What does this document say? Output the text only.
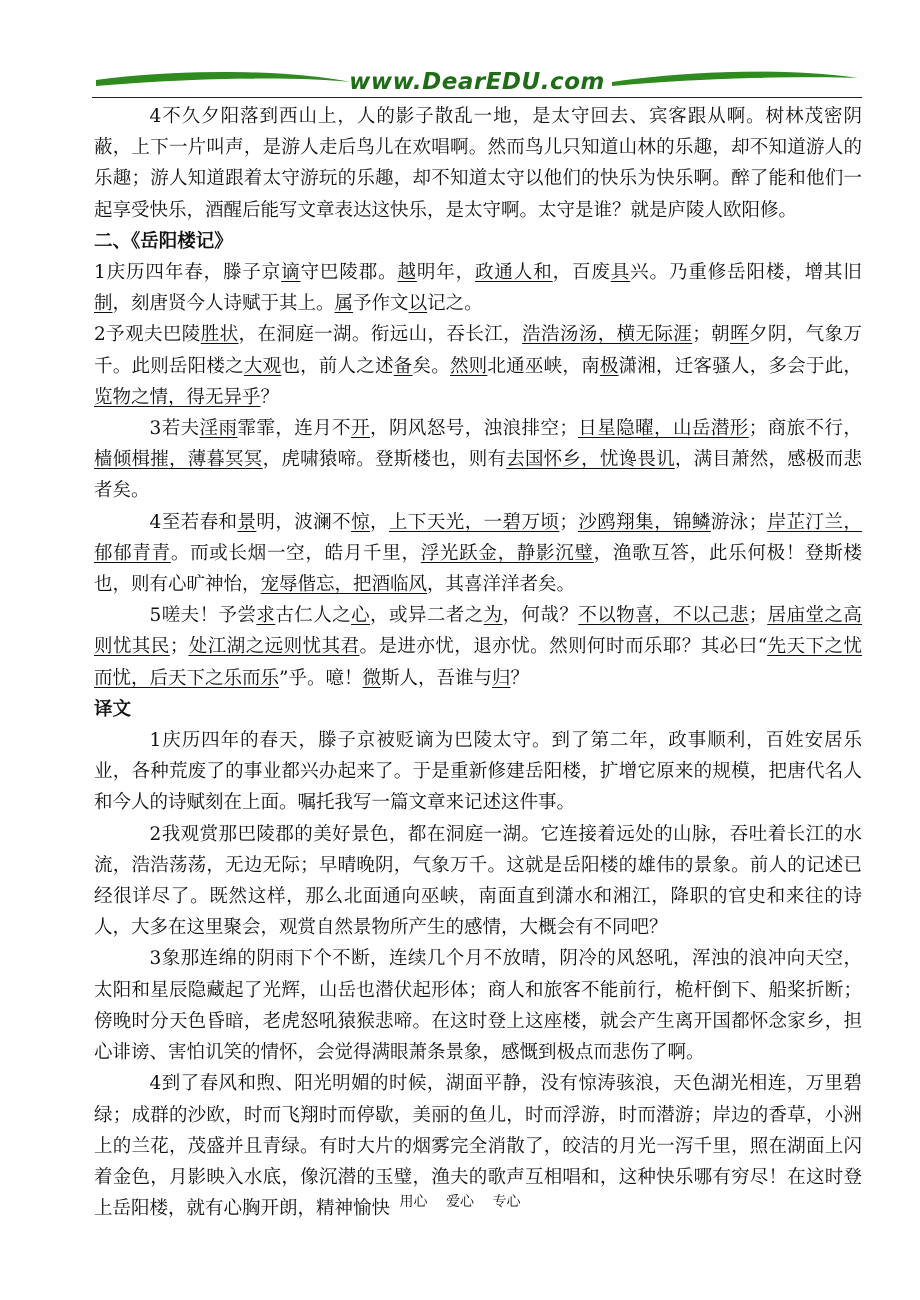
www.DearEDU.com

4不久夕阳落到西山上，人的影子散乱一地，是太守回去、宾客跟从啊。树林茂密阴蔽，上下一片叫声，是游人走后鸟儿在欢唱啊。然而鸟儿只知道山林的乐趣，却不知道游人的乐趣；游人知道跟着太守游玩的乐趣，却不知道太守以他们的快乐为快乐啊。醉了能和他们一起享受快乐，酒醒后能写文章表达这快乐，是太守啊。太守是谁？就是庐陵人欧阳修。

二、《岳阳楼记》

1庆历四年春，滕子京谪守巴陵郡。越明年，政通人和，百废具兴。乃重修岳阳楼，增其旧制，刻唐贤今人诗赋于其上。属予作文以记之。

2予观夫巴陵胜状，在洞庭一湖。衔远山，吞长江，浩浩汤汤，横无际涯；朝晖夕阴，气象万千。此则岳阳楼之大观也，前人之述备矣。然则北通巫峡，南极潇湘，迁客骚人，多会于此，览物之情，得无异乎？

3若夫淫雨霏霏，连月不开，阴风怒号，浊浪排空；日星隐曜，山岳潜形；商旅不行，樯倾楫摧，薄暮冥冥，虎啸猿啼。登斯楼也，则有去国怀乡，忧谗畏讥，满目萧然，感极而悲者矣。

4至若春和景明，波澜不惊，上下天光，一碧万顷；沙鸥翔集，锦鳞游泳；岸芷汀兰，郁郁青青。而或长烟一空，皓月千里，浮光跃金，静影沉璧，渔歌互答，此乐何极！登斯楼也，则有心旷神怡，宠辱偕忘，把酒临风，其喜洋洋者矣。

5嗟夫！予尝求古仁人之心，或异二者之为，何哉？不以物喜，不以己悲；居庙堂之高则忧其民；处江湖之远则忧其君。是进亦忧，退亦忧。然则何时而乐耶？其必曰“先天下之忧而忧，后天下之乐而乐”乎。噫！微斯人，吾谁与归？

译文

1庆历四年的春天，滕子京被贬谪为巴陵太守。到了第二年，政事顺利，百姓安居乐业，各种荒废了的事业都兴办起来了。于是重新修建岳阳楼，扩增它原来的规模，把唐代名人和今人的诗赋刻在上面。嘱托我写一篇文章来记述这件事。

2我观赏那巴陵郡的美好景色，都在洞庭一湖。它连接着远处的山脉，吞吐着长江的水流，浩浩荡荡，无边无际；早晴晚阴，气象万千。这就是岳阳楼的雄伟的景象。前人的记述已经很详尽了。既然这样，那么北面通向巫峡，南面直到潇水和湘江，降职的官史和来往的诗人，大多在这里聚会，观赏自然景物所产生的感情，大概会有不同吧？

3象那连绵的阴雨下个不断，连续几个月不放晴，阴冷的风怒吼，浑浊的浪冲向天空，太阳和星辰隐藏起了光辉，山岳也潜伏起形体；商人和旅客不能前行，桅杆倒下、船桨折断；傍晚时分天色昏暗，老虎怒吼猿猴悲啼。在这时登上这座楼，就会产生离开国都怀念家乡，担心诽谤、害怕讥笑的情怀，会觉得满眼萧条景象，感慨到极点而悲伤了啊。

4到了春风和煦、阳光明媚的时候，湖面平静，没有惊涛骇浪，天色湖光相连，万里碧绿；成群的沙欧，时而飞翔时而停歇，美丽的鱼儿，时而浮游，时而潜游；岸边的香草，小洲上的兰花，茂盛并且青绿。有时大片的烟雾完全消散了，皎洁的月光一泻千里，照在湖面上闪着金色，月影映入水底，像沉潜的玉璧，渔夫的歌声互相唱和，这种快乐哪有穷尽！在这时登上岳阳楼，就有心胸开朗，精神愉快 用心 爱心 专心
